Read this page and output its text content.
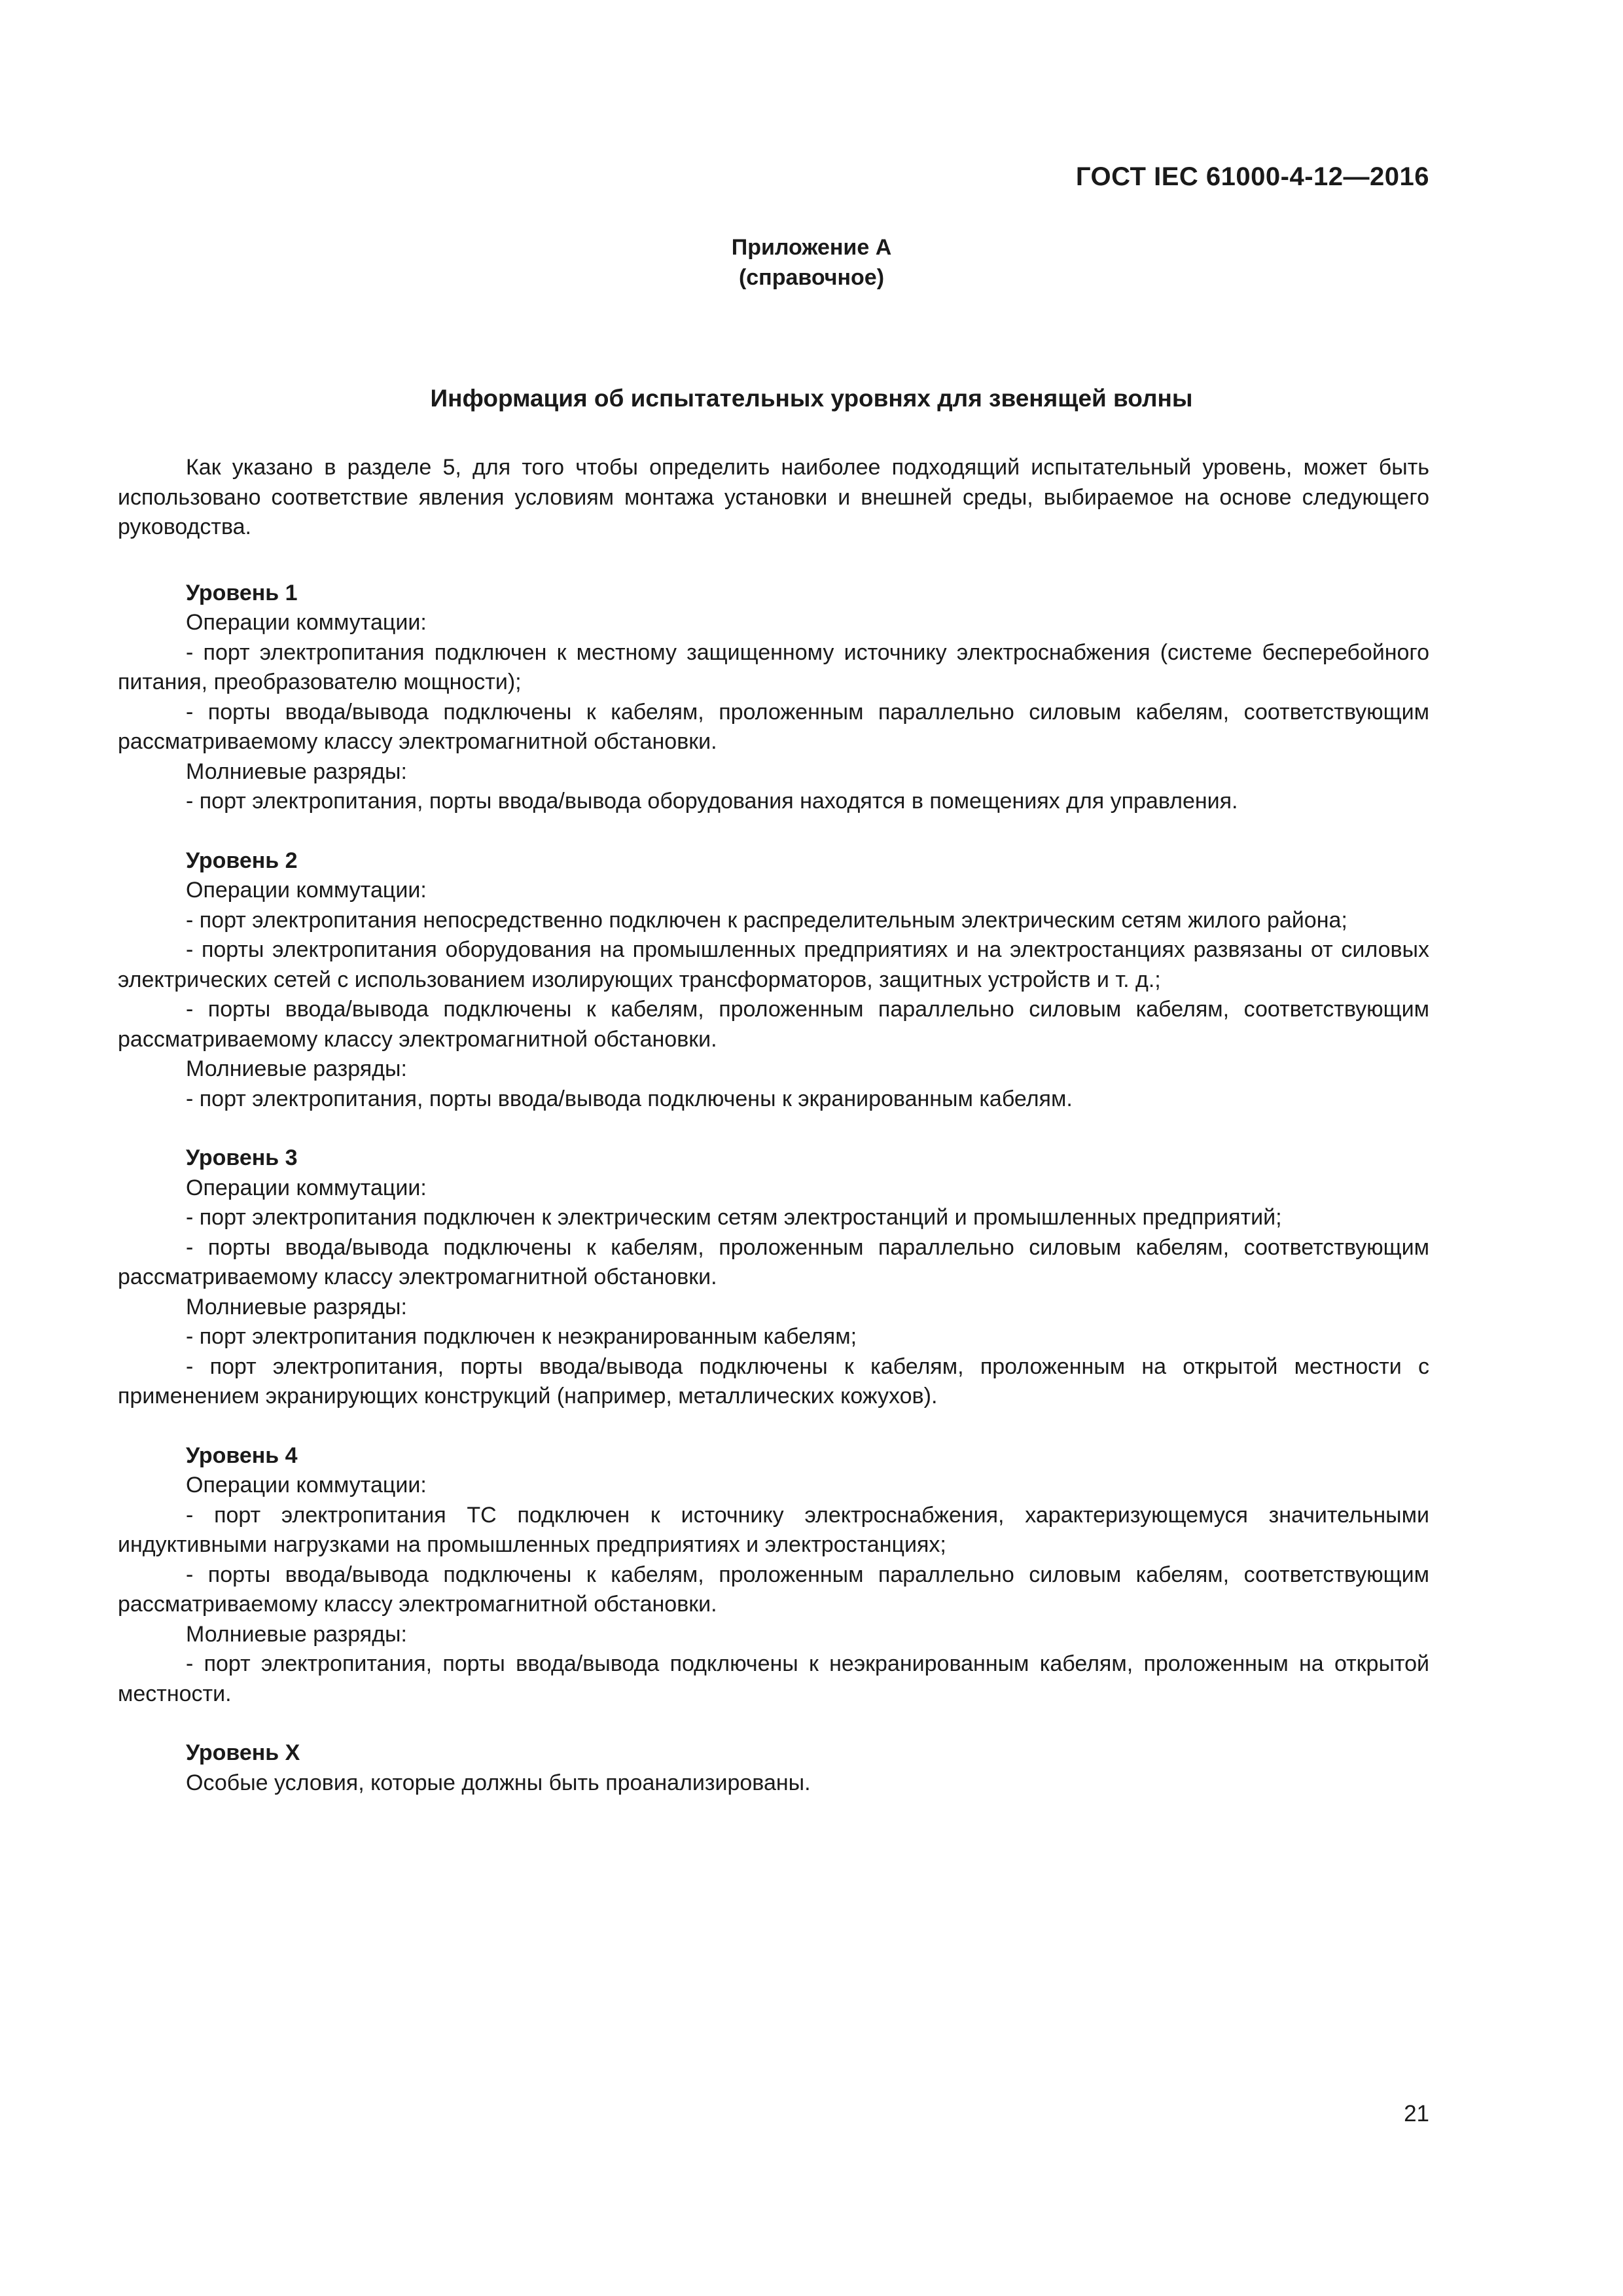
ГОСТ IEC 61000-4-12—2016
Приложение А
(справочное)
Информация об испытательных уровнях для звенящей волны

Как указано в разделе 5, для того чтобы определить наиболее подходящий испытательный уровень, может быть использовано соответствие явления условиям монтажа установки и внешней среды, выбираемое на основе следующего руководства.

Уровень 1

Операции коммутации:

- порт электропитания подключен к местному защищенному источнику электроснабжения (системе бесперебойного питания, преобразователю мощности);

- порты ввода/вывода подключены к кабелям, проложенным параллельно силовым кабелям, соответствующим рассматриваемому классу электромагнитной обстановки.

Молниевые разряды:

- порт электропитания, порты ввода/вывода оборудования находятся в помещениях для управления.

Уровень 2

Операции коммутации:

- порт электропитания непосредственно подключен к распределительным электрическим сетям жилого района;

- порты электропитания оборудования на промышленных предприятиях и на электростанциях развязаны от силовых электрических сетей с использованием изолирующих трансформаторов, защитных устройств и т. д.;

- порты ввода/вывода подключены к кабелям, проложенным параллельно силовым кабелям, соответствующим рассматриваемому классу электромагнитной обстановки.

Молниевые разряды:

- порт электропитания, порты ввода/вывода подключены к экранированным кабелям.

Уровень 3

Операции коммутации:

- порт электропитания подключен к электрическим сетям электростанций и промышленных предприятий;

- порты ввода/вывода подключены к кабелям, проложенным параллельно силовым кабелям, соответствующим рассматриваемому классу электромагнитной обстановки.

Молниевые разряды:

- порт электропитания подключен к неэкранированным кабелям;

- порт электропитания, порты ввода/вывода подключены к кабелям, проложенным на открытой местности с применением экранирующих конструкций (например, металлических кожухов).

Уровень 4

Операции коммутации:

- порт электропитания ТС подключен к источнику электроснабжения, характеризующемуся значительными индуктивными нагрузками на промышленных предприятиях и электростанциях;

- порты ввода/вывода подключены к кабелям, проложенным параллельно силовым кабелям, соответствующим рассматриваемому классу электромагнитной обстановки.

Молниевые разряды:

- порт электропитания, порты ввода/вывода подключены к неэкранированным кабелям, проложенным на открытой местности.

Уровень X

Особые условия, которые должны быть проанализированы.

21
